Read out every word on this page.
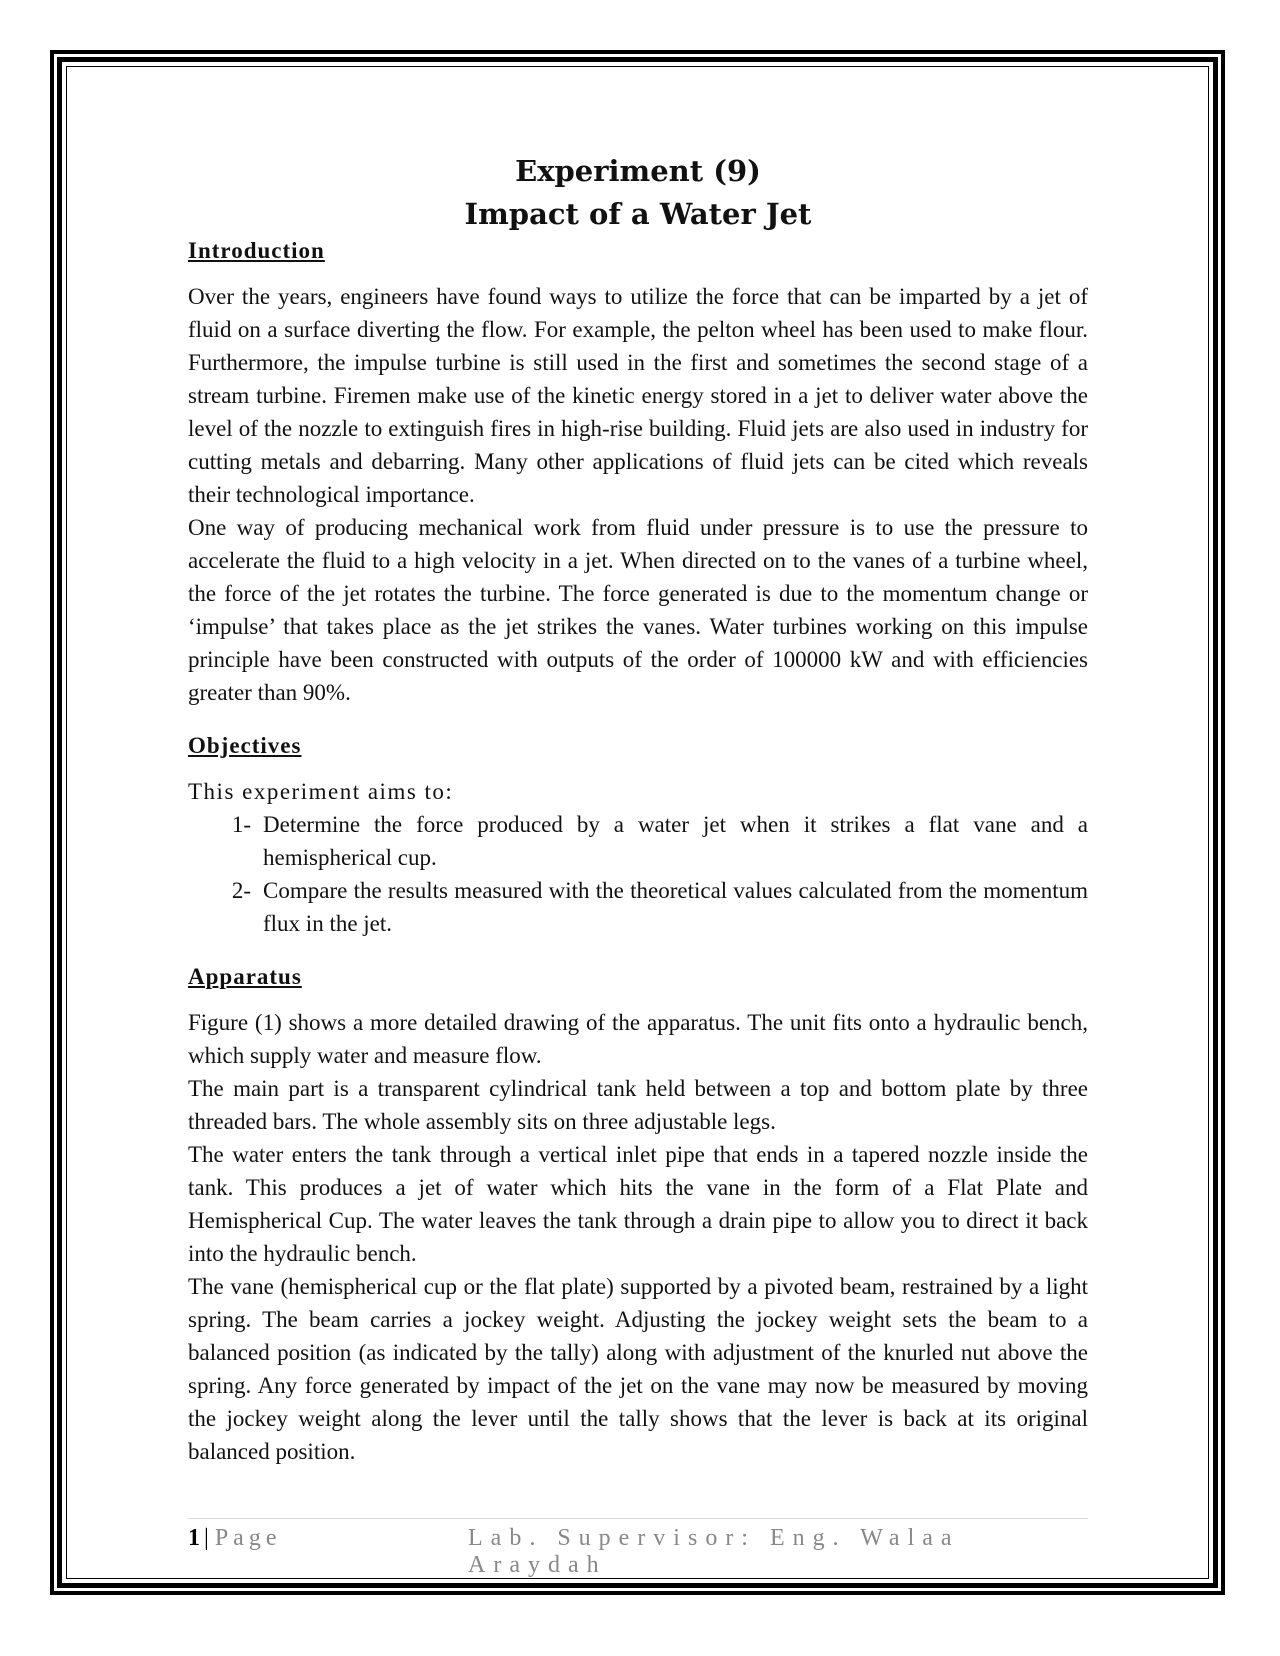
Experiment (9)
Impact of a Water Jet
Introduction

Over the years, engineers have found ways to utilize the force that can be imparted by a jet of fluid on a surface diverting the flow. For example, the pelton wheel has been used to make flour. Furthermore, the impulse turbine is still used in the first and sometimes the second stage of a stream turbine. Firemen make use of the kinetic energy stored in a jet to deliver water above the level of the nozzle to extinguish fires in high-rise building. Fluid jets are also used in industry for cutting metals and debarring. Many other applications of fluid jets can be cited which reveals their technological importance.

One way of producing mechanical work from fluid under pressure is to use the pressure to accelerate the fluid to a high velocity in a jet. When directed on to the vanes of a turbine wheel, the force of the jet rotates the turbine. The force generated is due to the momentum change or ‘impulse’ that takes place as the jet strikes the vanes. Water turbines working on this impulse principle have been constructed with outputs of the order of 100000 kW and with efficiencies greater than 90%.

Objectives

This experiment aims to:

1- Determine the force produced by a water jet when it strikes a flat vane and a hemispherical cup.
2- Compare the results measured with the theoretical values calculated from the momentum flux in the jet.
Apparatus

Figure (1) shows a more detailed drawing of the apparatus. The unit fits onto a hydraulic bench, which supply water and measure flow.

The main part is a transparent cylindrical tank held between a top and bottom plate by three threaded bars. The whole assembly sits on three adjustable legs.

The water enters the tank through a vertical inlet pipe that ends in a tapered nozzle inside the tank. This produces a jet of water which hits the vane in the form of a Flat Plate and Hemispherical Cup. The water leaves the tank through a drain pipe to allow you to direct it back into the hydraulic bench.

The vane (hemispherical cup or the flat plate) supported by a pivoted beam, restrained by a light spring. The beam carries a jockey weight. Adjusting the jockey weight sets the beam to a balanced position (as indicated by the tally) along with adjustment of the knurled nut above the spring. Any force generated by impact of the jet on the vane may now be measured by moving the jockey weight along the lever until the tally shows that the lever is back at its original balanced position.

1 | Page	Lab. Supervisor: Eng. Walaa Araydah
